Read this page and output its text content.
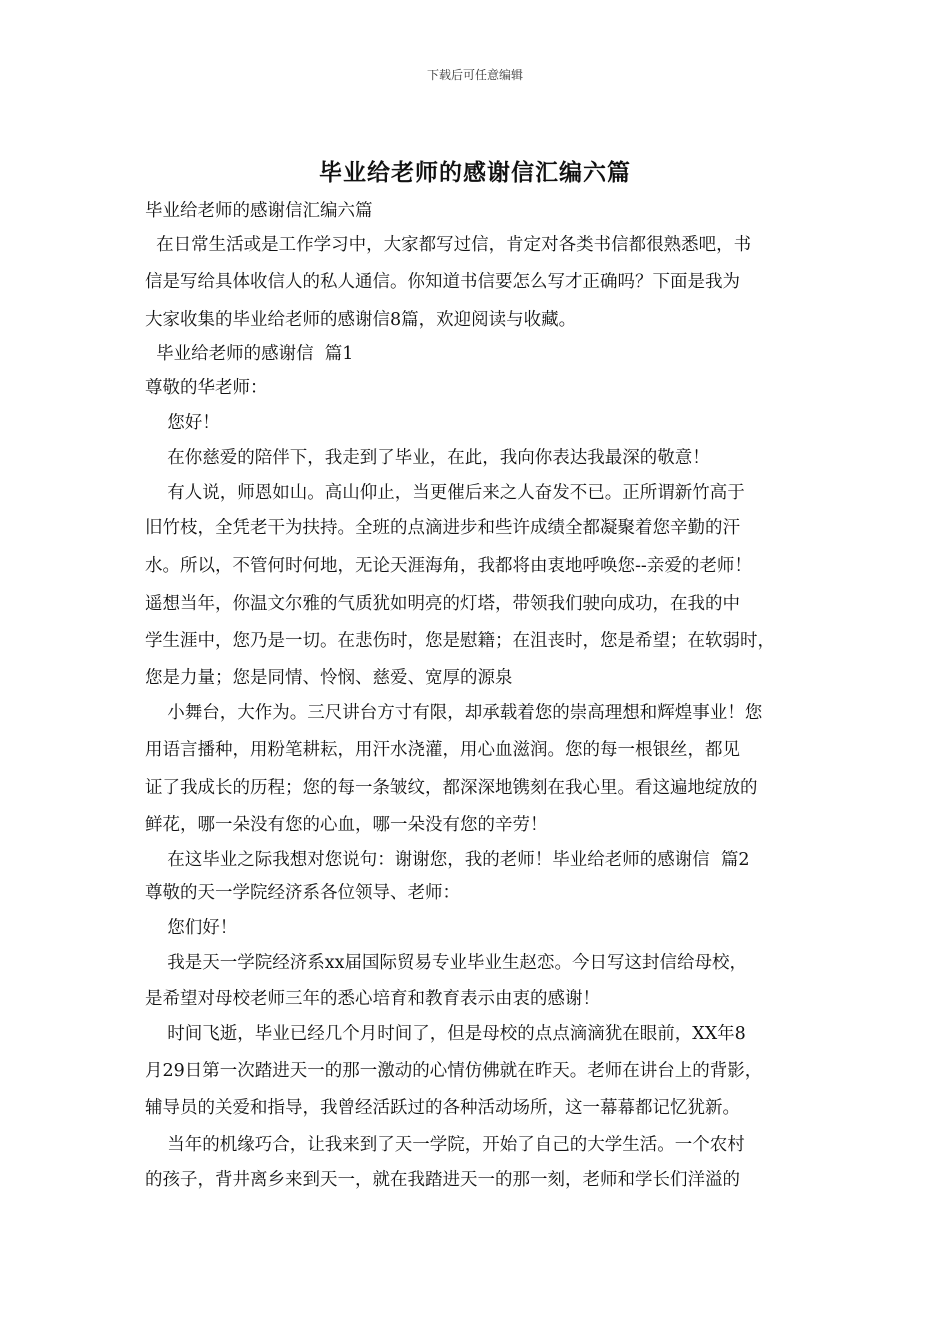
下载后可任意编辑
毕业给老师的感谢信汇编六篇
毕业给老师的感谢信汇编六篇
在日常生活或是工作学习中，大家都写过信，肯定对各类书信都很熟悉吧，书
信是写给具体收信人的私人通信。你知道书信要怎么写才正确吗？下面是我为
大家收集的毕业给老师的感谢信8篇，欢迎阅读与收藏。
毕业给老师的感谢信  篇1
尊敬的华老师：
您好！
在你慈爱的陪伴下，我走到了毕业，在此，我向你表达我最深的敬意！
有人说，师恩如山。高山仰止，当更催后来之人奋发不已。正所谓新竹高于
旧竹枝，全凭老干为扶持。全班的点滴进步和些许成绩全都凝聚着您辛勤的汗
水。所以，不管何时何地，无论天涯海角，我都将由衷地呼唤您--亲爱的老师！
遥想当年，你温文尔雅的气质犹如明亮的灯塔，带领我们驶向成功，在我的中
学生涯中，您乃是一切。在悲伤时，您是慰籍；在沮丧时，您是希望；在软弱时，
您是力量；您是同情、怜悯、慈爱、宽厚的源泉
小舞台，大作为。三尺讲台方寸有限，却承载着您的崇高理想和辉煌事业！您
用语言播种，用粉笔耕耘，用汗水浇灌，用心血滋润。您的每一根银丝，都见
证了我成长的历程；您的每一条皱纹，都深深地镌刻在我心里。看这遍地绽放的
鲜花，哪一朵没有您的心血，哪一朵没有您的辛劳！
在这毕业之际我想对您说句：谢谢您，我的老师！毕业给老师的感谢信  篇2
尊敬的天一学院经济系各位领导、老师：
您们好！
我是天一学院经济系xx届国际贸易专业毕业生赵恋。今日写这封信给母校，
是希望对母校老师三年的悉心培育和教育表示由衷的感谢！
时间飞逝，毕业已经几个月时间了，但是母校的点点滴滴犹在眼前，XX年8
月29日第一次踏进天一的那一激动的心情仿佛就在昨天。老师在讲台上的背影，
辅导员的关爱和指导，我曾经活跃过的各种活动场所，这一幕幕都记忆犹新。
当年的机缘巧合，让我来到了天一学院，开始了自己的大学生活。一个农村
的孩子，背井离乡来到天一，就在我踏进天一的那一刻，老师和学长们洋溢的
